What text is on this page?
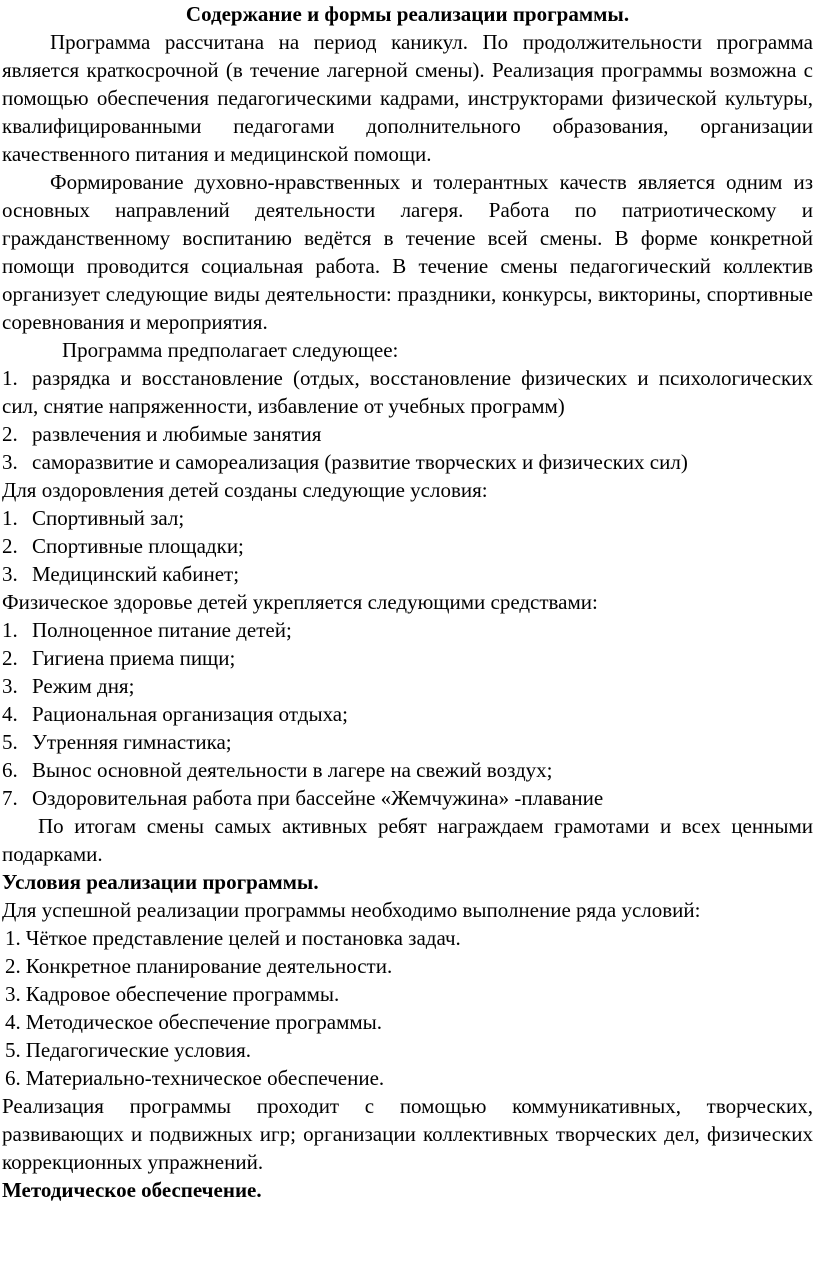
Содержание и формы реализации программы.

Программа рассчитана на период каникул. По продолжительности программа является краткосрочной (в течение лагерной смены). Реализация программы возможна с помощью обеспечения педагогическими кадрами, инструкторами физической культуры, квалифицированными педагогами дополнительного образования, организации качественного питания и медицинской помощи.

Формирование духовно-нравственных и толерантных качеств является одним из основных направлений деятельности лагеря. Работа по патриотическому и гражданственному воспитанию ведётся в течение всей смены. В форме конкретной помощи проводится социальная работа. В течение смены педагогический коллектив организует следующие виды деятельности: праздники, конкурсы, викторины, спортивные соревнования и мероприятия.

Программа предполагает следующее:

1. разрядка и восстановление (отдых, восстановление физических и психологических сил, снятие напряженности, избавление от учебных программ)
2. развлечения и любимые занятия
3. саморазвитие и самореализация (развитие творческих и физических сил)

Для оздоровления детей созданы следующие условия:

1. Спортивный зал;
2. Спортивные площадки;
3. Медицинский кабинет;

Физическое здоровье детей укрепляется следующими средствами:

1. Полноценное питание детей;
2. Гигиена приема пищи;
3. Режим дня;
4. Рациональная организация отдыха;
5. Утренняя гимнастика;
6. Вынос основной деятельности в лагере на свежий воздух;
7. Оздоровительная работа при бассейне «Жемчужина» -плавание

По итогам смены самых активных ребят награждаем грамотами и всех ценными подарками.

Условия реализации программы.

Для успешной реализации программы необходимо выполнение ряда условий:

1. Чёткое представление целей и постановка задач.
2. Конкретное планирование деятельности.
3. Кадровое обеспечение программы.
4. Методическое обеспечение программы.
5. Педагогические условия.
6. Материально-техническое обеспечение.

Реализация программы проходит с помощью коммуникативных, творческих, развивающих и подвижных игр; организации коллективных творческих дел, физических коррекционных упражнений.

Методическое обеспечение.
